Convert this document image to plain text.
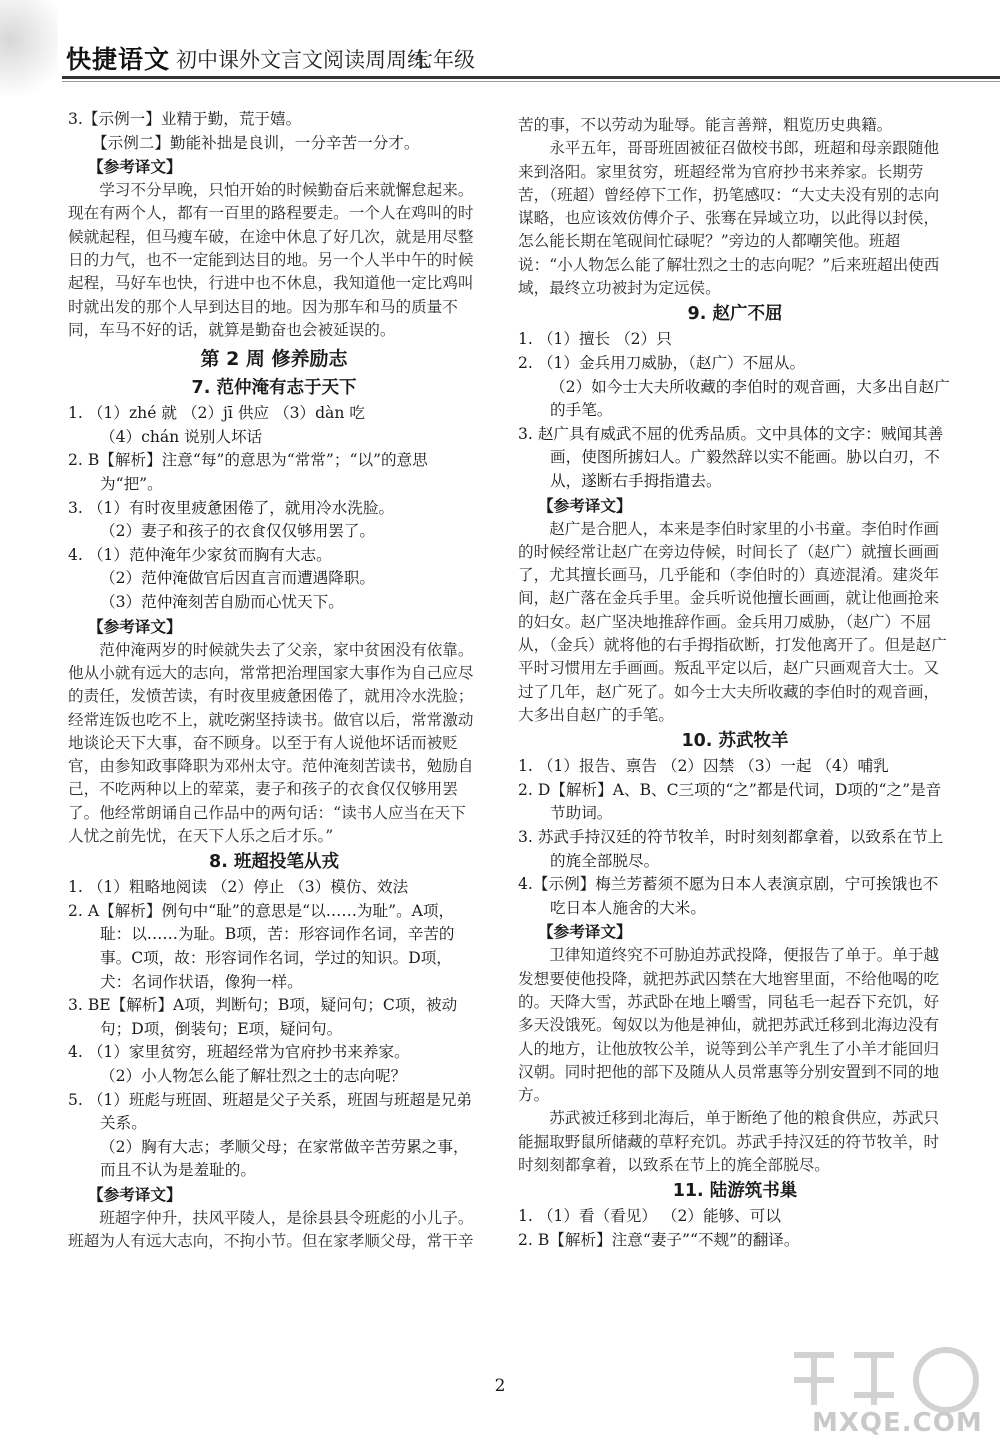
快捷语文 初中课外文言文阅读周周练
七年级
3.【示例一】业精于勤，荒于嬉。
【示例二】勤能补拙是良训，一分辛苦一分才。
【参考译文】
学习不分早晚，只怕开始的时候勤奋后来就懈怠起来。现在有两个人，都有一百里的路程要走。一个人在鸡叫的时候就起程，但马瘦车破，在途中休息了好几次，就是用尽整日的力气，也不一定能到达目的地。另一个人半中午的时候起程，马好车也快，行进中也不休息，我知道他一定比鸡叫时就出发的那个人早到达目的地。因为那车和马的质量不同，车马不好的话，就算是勤奋也会被延误的。
第 2 周 修养励志
7. 范仲淹有志于天下
1. （1）zhé 就 （2）jī 供应 （3）dàn 吃
（4）chán 说别人坏话
2. B【解析】注意“每”的意思为“常常”；“以”的意思为“把”。
3. （1）有时夜里疲惫困倦了，就用冷水洗脸。
（2）妻子和孩子的衣食仅仅够用罢了。
4. （1）范仲淹年少家贫而胸有大志。
（2）范仲淹做官后因直言而遭遇降职。
（3）范仲淹刻苦自励而心忧天下。
【参考译文】
范仲淹两岁的时候就失去了父亲，家中贫困没有依靠。他从小就有远大的志向，常常把治理国家大事作为自己应尽的责任，发愤苦读，有时夜里疲惫困倦了，就用冷水洗脸；经常连饭也吃不上，就吃粥坚持读书。做官以后，常常激动地谈论天下大事，奋不顾身。以至于有人说他坏话而被贬官，由参知政事降职为邓州太守。范仲淹刻苦读书，勉励自己，不吃两种以上的荤菜，妻子和孩子的衣食仅仅够用罢了。他经常朗诵自己作品中的两句话：“读书人应当在天下人忧之前先忧，在天下人乐之后才乐。”
8. 班超投笔从戎
1. （1）粗略地阅读 （2）停止 （3）模仿、效法
2. A【解析】例句中“耻”的意思是“以……为耻”。A项，耻：以……为耻。B项，苦：形容词作名词，辛苦的事。C项，故：形容词作名词，学过的知识。D项，犬：名词作状语，像狗一样。
3. BE【解析】A项，判断句；B项，疑问句；C项，被动句；D项，倒装句；E项，疑问句。
4. （1）家里贫穷，班超经常为官府抄书来养家。
（2）小人物怎么能了解壮烈之士的志向呢？
5. （1）班彪与班固、班超是父子关系，班固与班超是兄弟关系。
（2）胸有大志；孝顺父母；在家常做辛苦劳累之事，而且不认为是羞耻的。
【参考译文】
班超字仲升，扶风平陵人，是徐县县令班彪的小儿子。班超为人有远大志向，不拘小节。但在家孝顺父母，常干辛
苦的事，不以劳动为耻辱。能言善辩，粗览历史典籍。
永平五年，哥哥班固被征召做校书郎，班超和母亲跟随他来到洛阳。家里贫穷，班超经常为官府抄书来养家。长期劳苦，（班超）曾经停下工作，扔笔感叹：“大丈夫没有别的志向谋略，也应该效仿傅介子、张骞在异域立功，以此得以封侯，怎么能长期在笔砚间忙碌呢？”旁边的人都嘲笑他。班超说：“小人物怎么能了解壮烈之士的志向呢？”后来班超出使西域，最终立功被封为定远侯。
9. 赵广不屈
1. （1）擅长 （2）只
2. （1）金兵用刀威胁，（赵广）不屈从。
（2）如今士大夫所收藏的李伯时的观音画，大多出自赵广的手笔。
3. 赵广具有威武不屈的优秀品质。文中具体的文字：贼闻其善画，使图所掳妇人。广毅然辞以实不能画。胁以白刃，不从，遂断右手拇指遣去。
【参考译文】
赵广是合肥人，本来是李伯时家里的小书童。李伯时作画的时候经常让赵广在旁边侍候，时间长了（赵广）就擅长画画了，尤其擅长画马，几乎能和（李伯时的）真迹混淆。建炎年间，赵广落在金兵手里。金兵听说他擅长画画，就让他画抢来的妇女。赵广坚决地推辞作画。金兵用刀威胁，（赵广）不屈从，（金兵）就将他的右手拇指砍断，打发他离开了。但是赵广平时习惯用左手画画。叛乱平定以后，赵广只画观音大士。又过了几年，赵广死了。如今士大夫所收藏的李伯时的观音画，大多出自赵广的手笔。
10. 苏武牧羊
1. （1）报告、禀告 （2）囚禁 （3）一起 （4）哺乳
2. D【解析】A、B、C三项的“之”都是代词，D项的“之”是音节助词。
3. 苏武手持汉廷的符节牧羊，时时刻刻都拿着，以致系在节上的旄全部脱尽。
4.【示例】梅兰芳蓄须不愿为日本人表演京剧，宁可挨饿也不吃日本人施舍的大米。
【参考译文】
卫律知道终究不可胁迫苏武投降，便报告了单于。单于越发想要使他投降，就把苏武囚禁在大地窖里面，不给他喝的吃的。天降大雪，苏武卧在地上嚼雪，同毡毛一起吞下充饥，好多天没饿死。匈奴以为他是神仙，就把苏武迁移到北海边没有人的地方，让他放牧公羊，说等到公羊产乳生了小羊才能回归汉朝。同时把他的部下及随从人员常惠等分别安置到不同的地方。
苏武被迁移到北海后，单于断绝了他的粮食供应，苏武只能掘取野鼠所储藏的草籽充饥。苏武手持汉廷的符节牧羊，时时刻刻都拿着，以致系在节上的旄全部脱尽。
11. 陆游筑书巢
1. （1）看（看见） （2）能够、可以
2. B【解析】注意“妻子”“不觌”的翻译。
2
MXQE.COM
